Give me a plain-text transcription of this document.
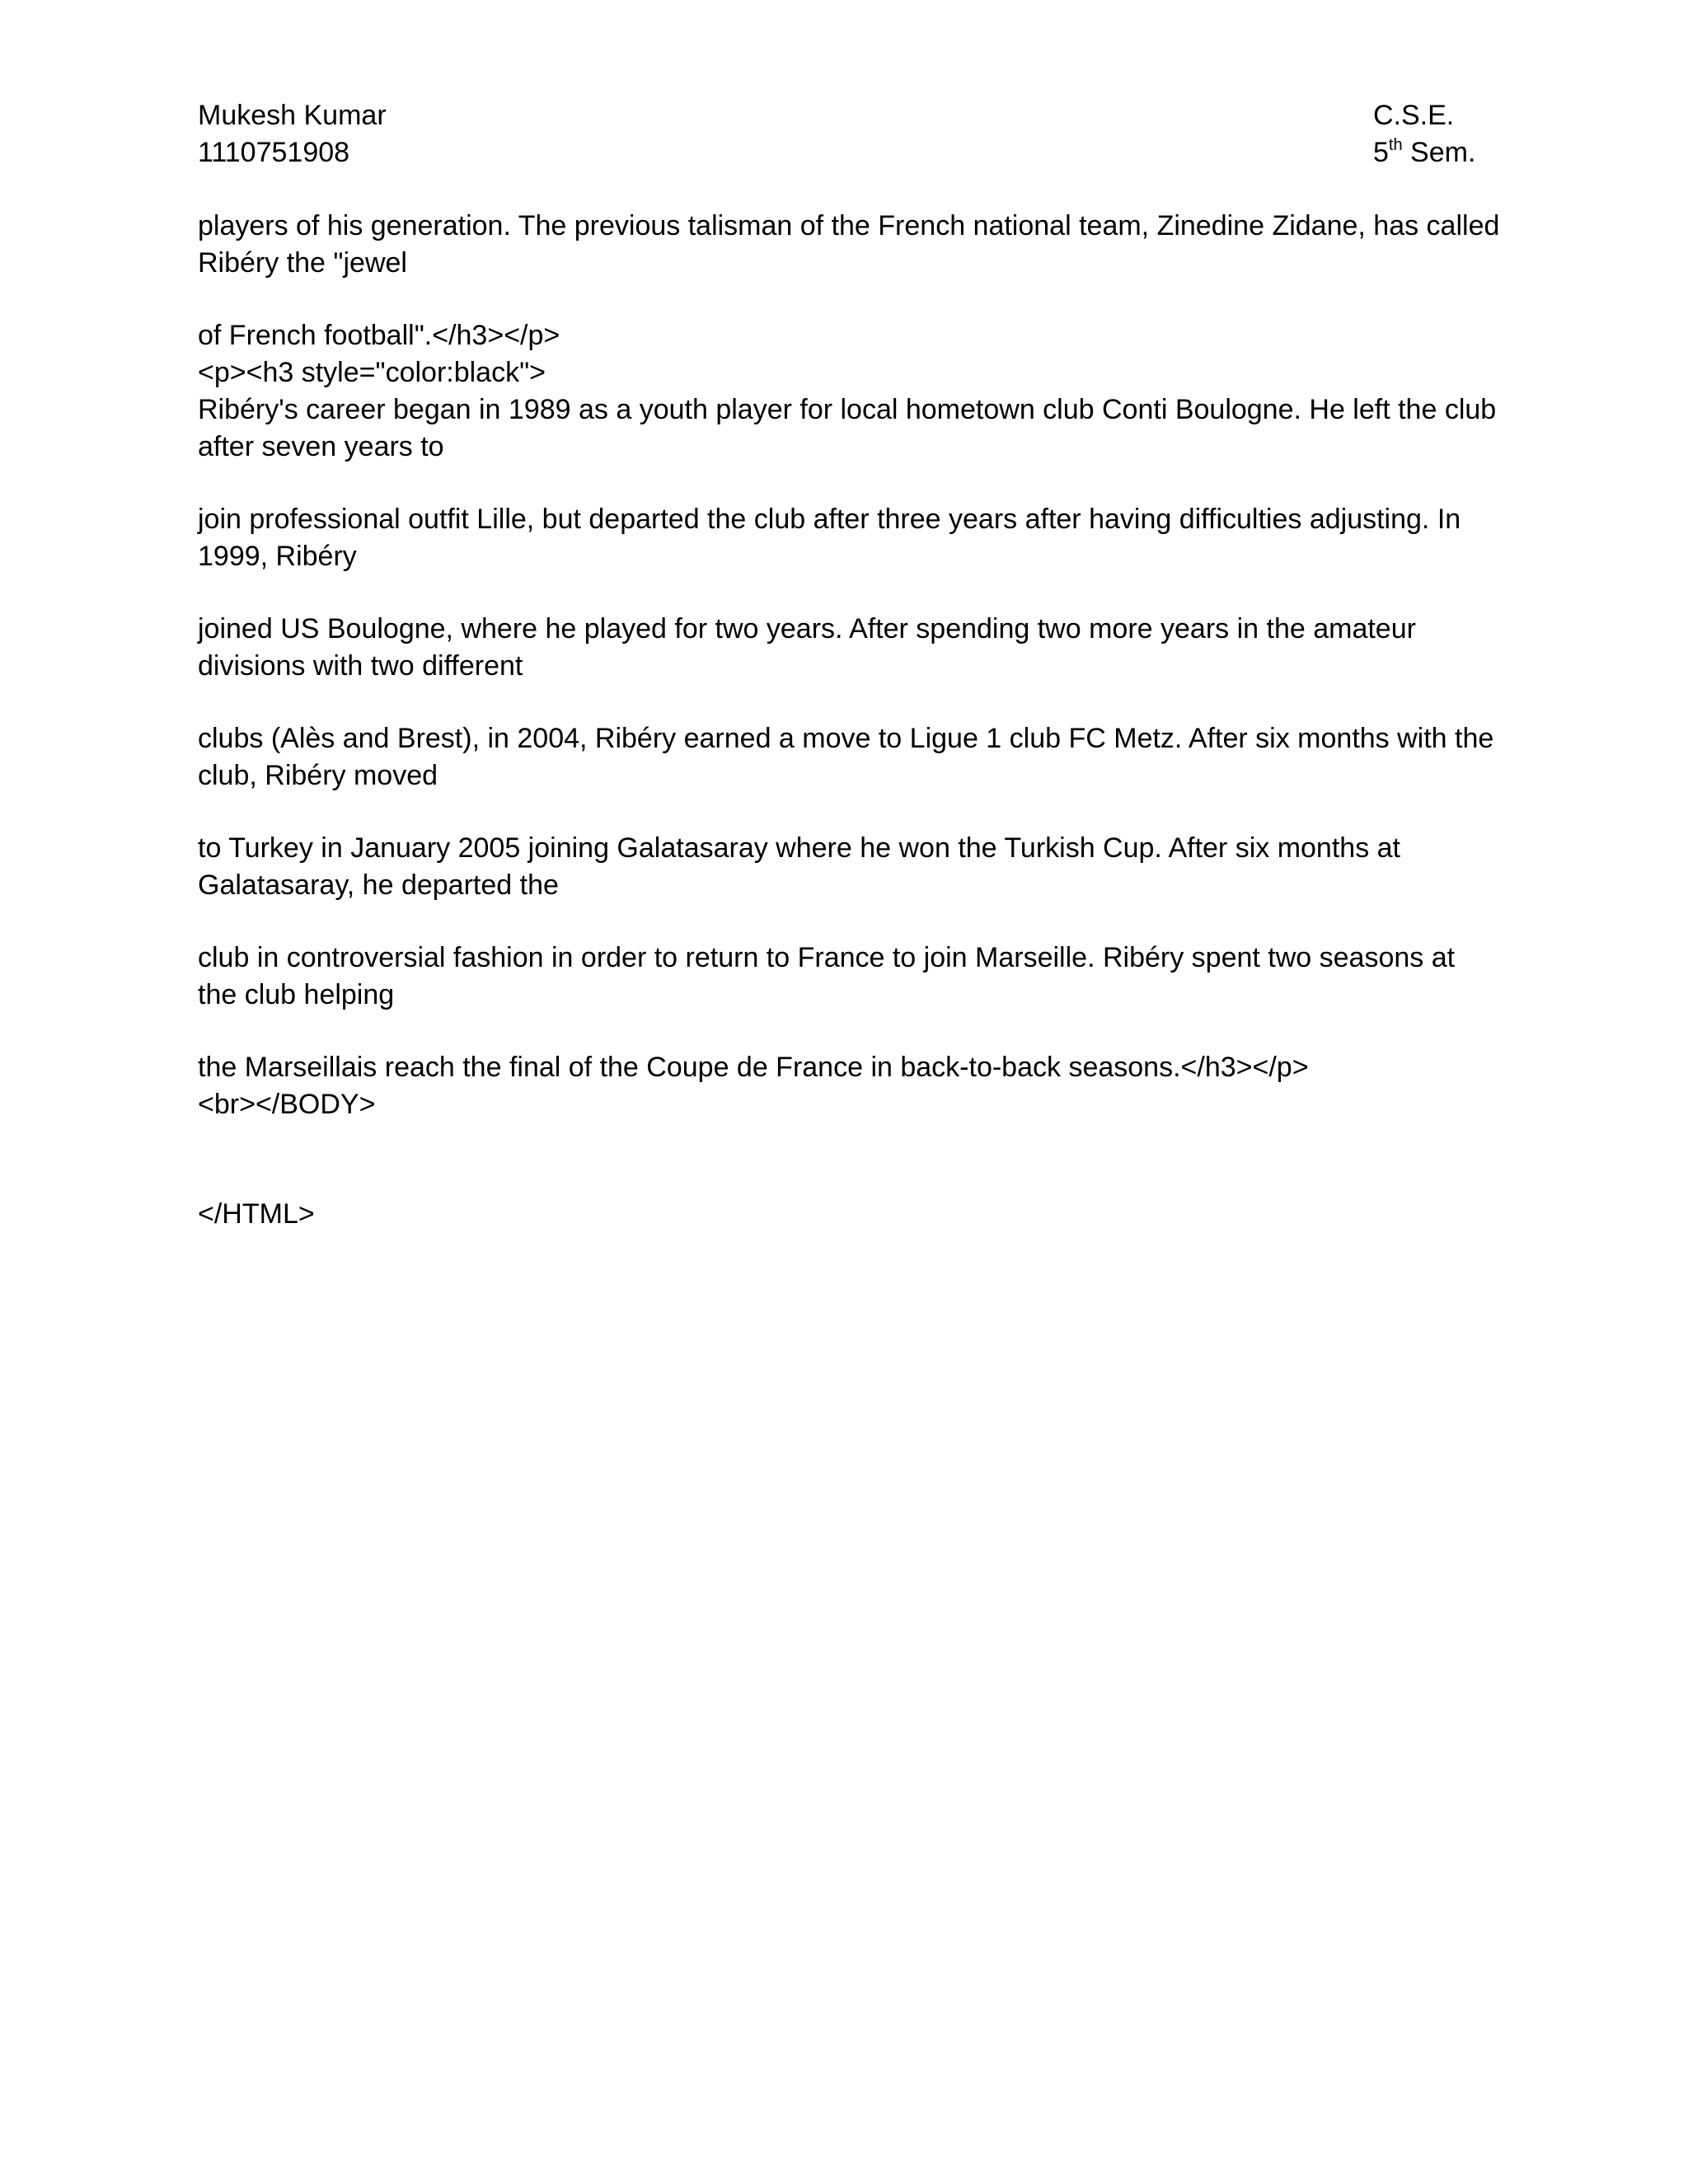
Mukesh Kumar
1110751908
C.S.E.
5th Sem.

players of his generation. The previous talisman of the French national team, Zinedine Zidane, has called
Ribéry the "jewel

of French football".</h3></p>
<p><h3 style="color:black">
Ribéry's career began in 1989 as a youth player for local hometown club Conti Boulogne. He left the club
after seven years to

join professional outfit Lille, but departed the club after three years after having difficulties adjusting. In
1999, Ribéry

joined US Boulogne, where he played for two years. After spending two more years in the amateur
divisions with two different

clubs (Alès and Brest), in 2004, Ribéry earned a move to Ligue 1 club FC Metz. After six months with the
club, Ribéry moved

to Turkey in January 2005 joining Galatasaray where he won the Turkish Cup. After six months at
Galatasaray, he departed the

club in controversial fashion in order to return to France to join Marseille. Ribéry spent two seasons at
the club helping

the Marseillais reach the final of the Coupe de France in back-to-back seasons.</h3></p>
<br></BODY>

</HTML>
